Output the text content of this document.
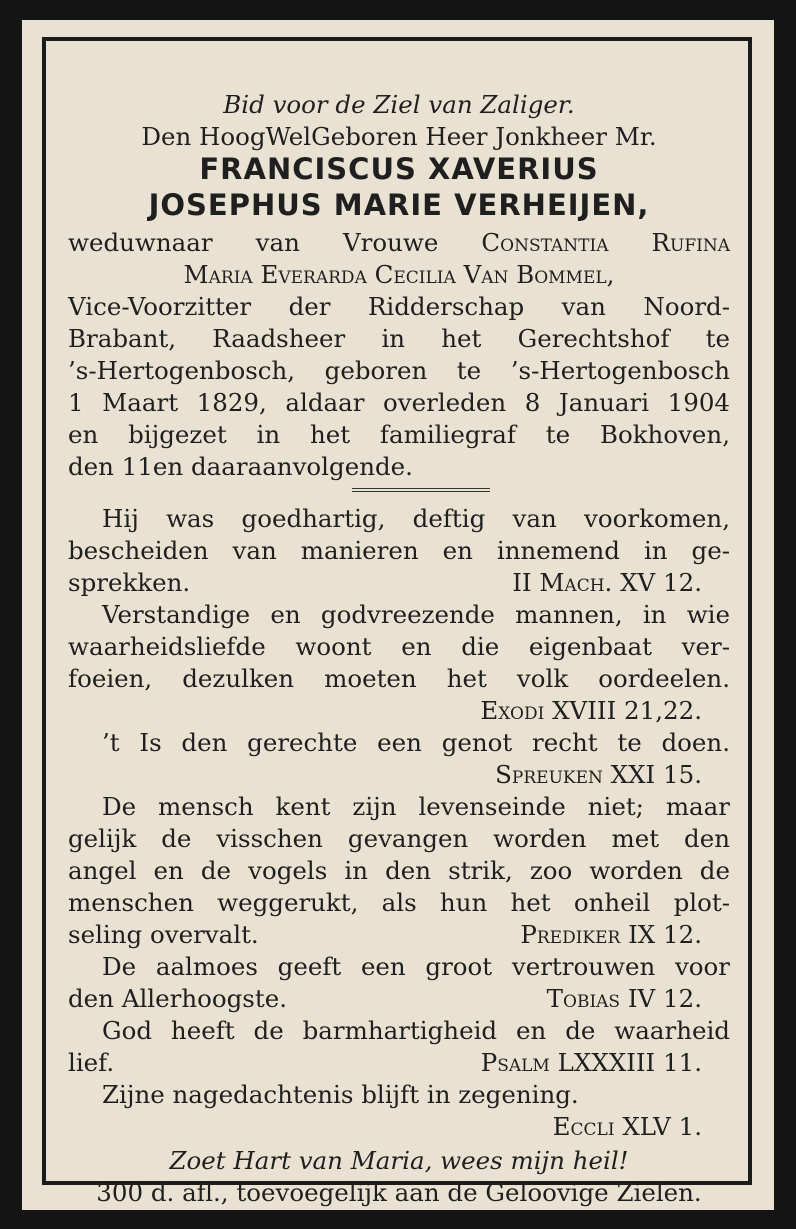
Bid voor de Ziel van Zaliger.
Den HoogWelGeboren Heer Jonkheer Mr.
FRANCISCUS XAVERIUS
JOSEPHUS MARIE VERHEIJEN,
weduwnaar van Vrouwe Constantia Rufina
Maria Everarda Cecilia Van Bommel,
Vice-Voorzitter der Ridderschap van Noord-
Brabant, Raadsheer in het Gerechtshof te
’s-Hertogenbosch, geboren te ’s-Hertogenbosch
1 Maart 1829, aldaar overleden 8 Januari 1904
en bijgezet in het familiegraf te Bokhoven,
den 11en daaraanvolgende.
Hij was goedhartig, deftig van voorkomen,
bescheiden van manieren en innemend in ge-
sprekken.	II Mach. XV 12.
Verstandige en godvreezende mannen, in wie
waarheidsliefde woont en die eigenbaat ver-
foeien, dezulken moeten het volk oordeelen.
Exodi XVIII 21,22.
’t Is den gerechte een genot recht te doen.
Spreuken XXI 15.
De mensch kent zijn levenseinde niet; maar
gelijk de visschen gevangen worden met den
angel en de vogels in den strik, zoo worden de
menschen weggerukt, als hun het onheil plot-
seling overvalt.	Prediker IX 12.
De aalmoes geeft een groot vertrouwen voor
den Allerhoogste.	Tobias IV 12.
God heeft de barmhartigheid en de waarheid
lief.	Psalm LXXXIII 11.
Zijne nagedachtenis blijft in zegening.
Eccli XLV 1.
Zoet Hart van Maria, wees mijn heil!
300 d. afl., toevoegelijk aan de Geloovige Zielen.
